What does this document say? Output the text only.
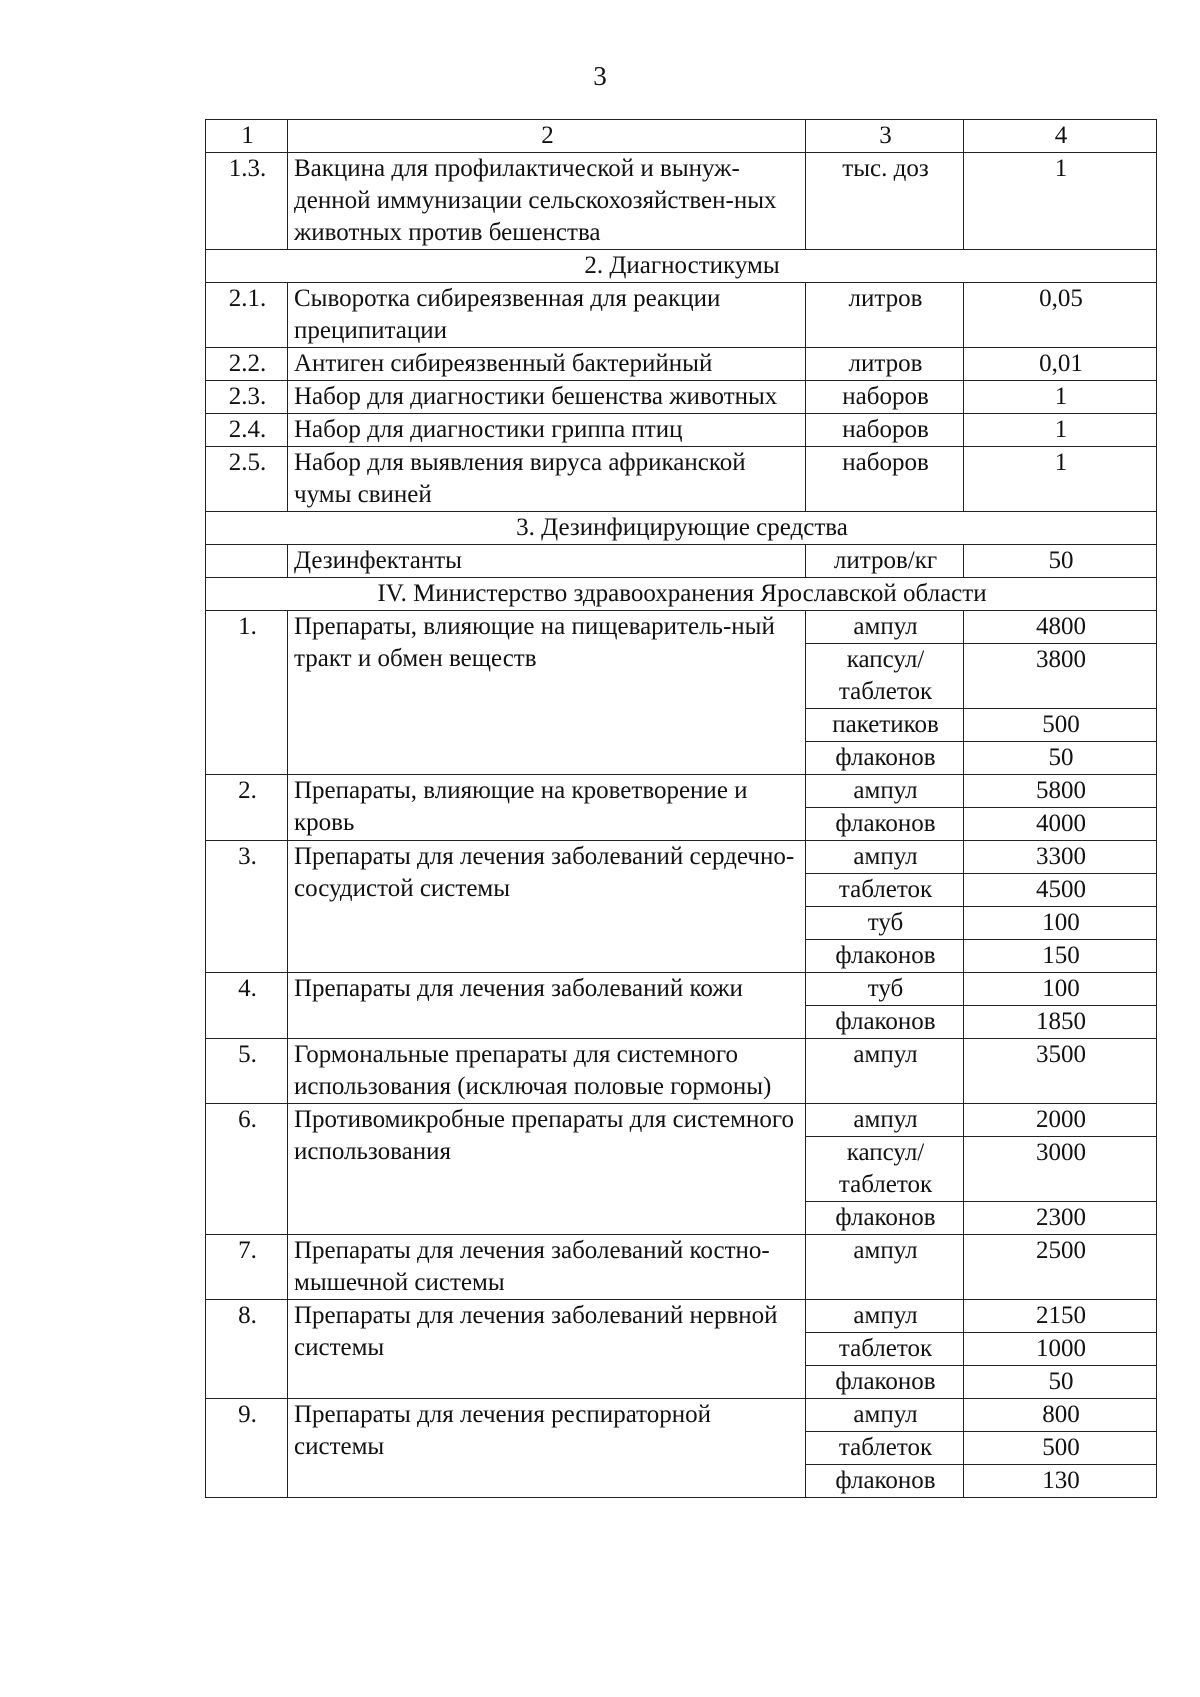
3
1	2	3	4
1.3.	Вакцина для профилактической и вынуж-денной иммунизации сельскохозяйствен-ных животных против бешенства	тыс. доз	1
2. Диагностикумы			
2.1.	Сыворотка сибиреязвенная для реакции преципитации	литров	0,05
2.2.	Антиген сибиреязвенный бактерийный	литров	0,01
2.3.	Набор для диагностики бешенства животных	наборов	1
2.4.	Набор для диагностики гриппа птиц	наборов	1
2.5.	Набор для выявления вируса африканской чумы свиней	наборов	1
3. Дезинфицирующие средства			
	Дезинфектанты	литров/кг	50
IV. Министерство здравоохранения Ярославской области			
1.	Препараты, влияющие на пищеваритель-ный тракт и обмен веществ	ампул	4800
		капсул/ таблеток	3800
		пакетиков	500
		флаконов	50
2.	Препараты, влияющие на кроветворение и кровь	ампул	5800
		флаконов	4000
3.	Препараты для лечения заболеваний сердечно-сосудистой системы	ампул	3300
		таблеток	4500
		туб	100
		флаконов	150
4.	Препараты для лечения заболеваний кожи	туб	100
		флаконов	1850
5.	Гормональные препараты для системного использования (исключая половые гормоны)	ампул	3500
6.	Противомикробные препараты для системного использования	ампул	2000
		капсул/ таблеток	3000
		флаконов	2300
7.	Препараты для лечения заболеваний костно-мышечной системы	ампул	2500
8.	Препараты для лечения заболеваний нервной системы	ампул	2150
		таблеток	1000
		флаконов	50
9.	Препараты для лечения респираторной системы	ампул	800
		таблеток	500
		флаконов	130
